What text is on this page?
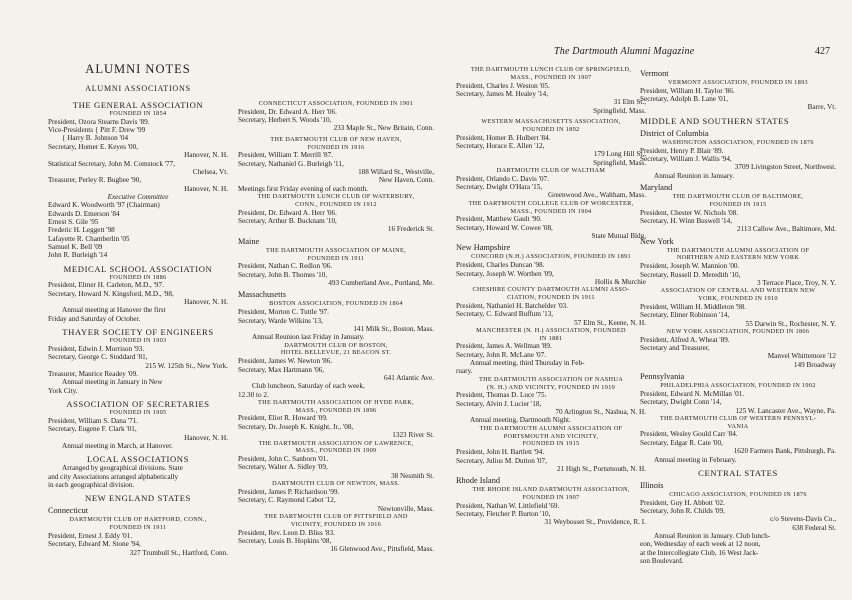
The Dartmouth Alumni Magazine	427
ALUMNI NOTES
ALUMNI ASSOCIATIONS
THE GENERAL ASSOCIATION
FOUNDED IN 1854
President, Ozora Stearns Davis '89.
Vice-Presidents { Pitt F. Drew '99
{ Harry B. Johnson '04
Secretary, Homer E. Keyes '00,
Hanover, N. H.
Statistical Secretary, John M. Comstock '77,
Chelsea, Vt.
Treasurer, Perley R. Bugbee '90,
Hanover, N. H.
Executive Committee
Edward K. Woodworth '97 (Chairman)
Edwards D. Emerson '84
Ernest S. Gile '95
Frederic H. Leggett '98
Lafayette R. Chamberlin '05
Samuel K. Bell '09
John R. Burleigh '14
MEDICAL SCHOOL ASSOCIATION
FOUNDED IN 1886
President, Elmer H. Carleton, M.D., '97.
Secretary, Howard N. Kingsford, M.D., '98,
Hanover, N. H.
Annual meeting at Hanover the first
Friday and Saturday of October.
THAYER SOCIETY OF ENGINEERS
FOUNDED IN 1903
President, Edwin J. Morrison '93.
Secretary, George C. Stoddard '81,
215 W. 125th St., New York.
Treasurer, Maurice Readey '09.
Annual meeting in January in New
York City.
ASSOCIATION OF SECRETARIES
FOUNDED IN 1905
President, William S. Dana '71.
Secretary, Eugene F. Clark '01,
Hanover, N. H.
Annual meeting in March, at Hanover.
LOCAL ASSOCIATIONS
Arranged by geographical divisions. State
and city Associations arranged alphabetically
in each geographical division.
NEW ENGLAND STATES
Connecticut
DARTMOUTH CLUB OF HARTFORD, CONN.,
FOUNDED IN 1911
President, Ernest J. Eddy '01.
Secretary, Edward M. Stone '94,
327 Trumbull St., Hartford, Conn.
CONNECTICUT ASSOCIATION, FOUNDED IN 1901
President, Dr. Edward A. Herr '06.
Secretary, Herbert S. Woods '10,
233 Maple St., New Britain, Conn.
THE DARTMOUTH CLUB OF NEW HAVEN,
FOUNDED IN 1916
President, William T. Merrill '87.
Secretary, Nathaniel G. Burleigh '11,
188 Willard St., Westville,
New Haven, Conn.
Meetings first Friday evening of each month.
THE DARTMOUTH LUNCH CLUB OF WATERBURY,
CONN., FOUNDED IN 1912
President, Dr. Edward A. Herr '06.
Secretary, Arthur B. Bucknam '10,
16 Frederick St.
Maine
THE DARTMOUTH ASSOCIATION OF MAINE,
FOUNDED IN 1911
President, Nathan C. Redlon '06.
Secretary, John B. Thomes '10,
493 Cumberland Ave., Portland, Me.
Massachusetts
BOSTON ASSOCIATION, FOUNDED IN 1864
President, Morton C. Tuttle '97.
Secretary, Warde Wilkins '13,
141 Milk St., Boston, Mass.
Annual Reunion last Friday in January.
DARTMOUTH CLUB OF BOSTON,
HOTEL BELLEVUE, 21 BEACON ST.
President, James W. Newton '86.
Secretary, Max Hartmann '06,
641 Atlantic Ave.
Club luncheon, Saturday of each week,
12.30 to 2.
THE DARTMOUTH ASSOCIATION OF HYDE PARK,
MASS., FOUNDED IN 1896
President, Eliot R. Howard '09.
Secretary, Dr. Joseph K. Knight, Jr., '08,
1323 River St.
THE DARTMOUTH ASSOCIATION OF LAWRENCE,
MASS., FOUNDED IN 1909
President, John C. Sanborn '01.
Secretary, Walter A. Sidley '09,
38 Nesmith St.
DARTMOUTH CLUB OF NEWTON, MASS.
President, James P. Richardson '99.
Secretary, C. Raymond Cabot '12,
Newtonville, Mass.
THE DARTMOUTH CLUB OF PITTSFIELD AND
VICINITY, FOUNDED IN 1916
President, Rev. Leon D. Bliss '83.
Secretary, Louis B. Hopkins '08,
16 Glenwood Ave., Pittsfield, Mass.
THE DARTMOUTH LUNCH CLUB OF SPRINGFIELD,
MASS., FOUNDED IN 1907
President, Charles J. Weston '05.
Secretary, James M. Healey '14,
31 Elm St.,
Springfield, Mass.
WESTERN MASSACHUSETTS ASSOCIATION,
FOUNDED IN 1892
President, Homer B. Hulbert '84.
Secretary, Horace E. Allen '12,
179 Long Hill St.,
Springfield, Mass.
DARTMOUTH CLUB OF WALTHAM
President, Orlando C. Davis '07.
Secretary, Dwight O'Hara '15,
Greenwood Ave., Waltham, Mass.
THE DARTMOUTH COLLEGE CLUB OF WORCESTER,
MASS., FOUNDED IN 1904
President, Matthew Gault '90.
Secretary, Howard W. Cowee '08,
State Mutual Bldg.
New Hampshire
CONCORD (N.H.) ASSOCIATION, FOUNDED IN 1891
President, Charles Duncan '98.
Secretary, Joseph W. Worthen '09,
Hollis & Murchie
CHESHIRE COUNTY DARTMOUTH ALUMNI ASSO-
CIATION, FOUNDED IN 1911
President, Nathaniel H. Batchelder '03.
Secretary, C. Edward Buffum '13,
57 Elm St., Keene, N. H.
MANCHESTER (N. H.) ASSOCIATION, FOUNDED
IN 1881
President, James A. Wellman '89.
Secretary, John R. McLane '07.
Annual meeting, third Thursday in Feb-
ruary.
THE DARTMOUTH ASSOCIATION OF NASHUA
(N. H.) AND VICINITY, FOUNDED IN 1919
President, Thomas D. Luce '75.
Secretary, Alvin J. Lucier '18,
70 Arlington St., Nashua, N. H.
Annual meeting, Dartmouth Night.
THE DARTMOUTH ALUMNI ASSOCIATION OF
PORTSMOUTH AND VICINITY,
FOUNDED IN 1915
President, John H. Bartlett '94.
Secretary, Julius M. Dutton '07,
21 High St., Portsmouth, N. H.
Rhode Island
THE RHODE ISLAND DARTMOUTH ASSOCIATION,
FOUNDED IN 1907
President, Nathan W. Littlefield '69.
Secretary, Fletcher P. Burton '10,
31 Weybosset St., Providence, R. I.
Vermont
VERMONT ASSOCIATION, FOUNDED IN 1893
President, William H. Taylor '86.
Secretary, Adolph B. Lane '01,
Barre, Vt.
MIDDLE AND SOUTHERN STATES
District of Columbia
WASHINGTON ASSOCIATION, FOUNDED IN 1876
President, Henry P. Blair '89.
Secretary, William J. Wallis '94,
3709 Livingston Street, Northwest.
Annual Reunion in January.
Maryland
THE DARTMOUTH CLUB OF BALTIMORE,
FOUNDED IN 1915
President, Chester W. Nichols '08.
Secretary, H. Winn Buswell '14,
2113 Callow Ave., Baltimore, Md.
New York
THE DARTMOUTH ALUMNI ASSOCIATION OF
NORTHERN AND EASTERN NEW YORK
President, Joseph W. Mannion '00.
Secretary, Russell D. Meredith '10,
3 Terrace Place, Troy, N. Y.
ASSOCIATION OF CENTRAL AND WESTERN NEW
YORK, FOUNDED IN 1910
President, William H. Middleton '98.
Secretary, Elmer Robinson '14,
55 Darwin St., Rochester, N. Y.
NEW YORK ASSOCIATION, FOUNDED IN 1866
President, Alfred A. Wheat '89.
Secretary and Treasurer,
Manvel Whittemore '12
149 Broadway
Pennsylvania
PHILADELPHIA ASSOCIATION, FOUNDED IN 1902
President, Edward N. McMillan '01.
Secretary, Dwight Conn '14,
125 W. Lancaster Ave., Wayne, Pa.
THE DARTMOUTH CLUB OF WESTERN PENNSYL-
VANIA
President, Wesley Gould Carr '84.
Secretary, Edgar R. Cate '00,
1620 Farmers Bank, Pittsburgh, Pa.
Annual meeting in February.
CENTRAL STATES
Illinois
CHICAGO ASSOCIATION, FOUNDED IN 1876
President, Guy H. Abbott '02.
Secretary, John R. Childs '09,
c/o Stevens-Davis Co.,
638 Federal St.
Annual Reunion in January. Club lunch-
eon, Wednesday of each week at 12 noon,
at the Intercollegiate Club, 16 West Jack-
son Boulevard.
